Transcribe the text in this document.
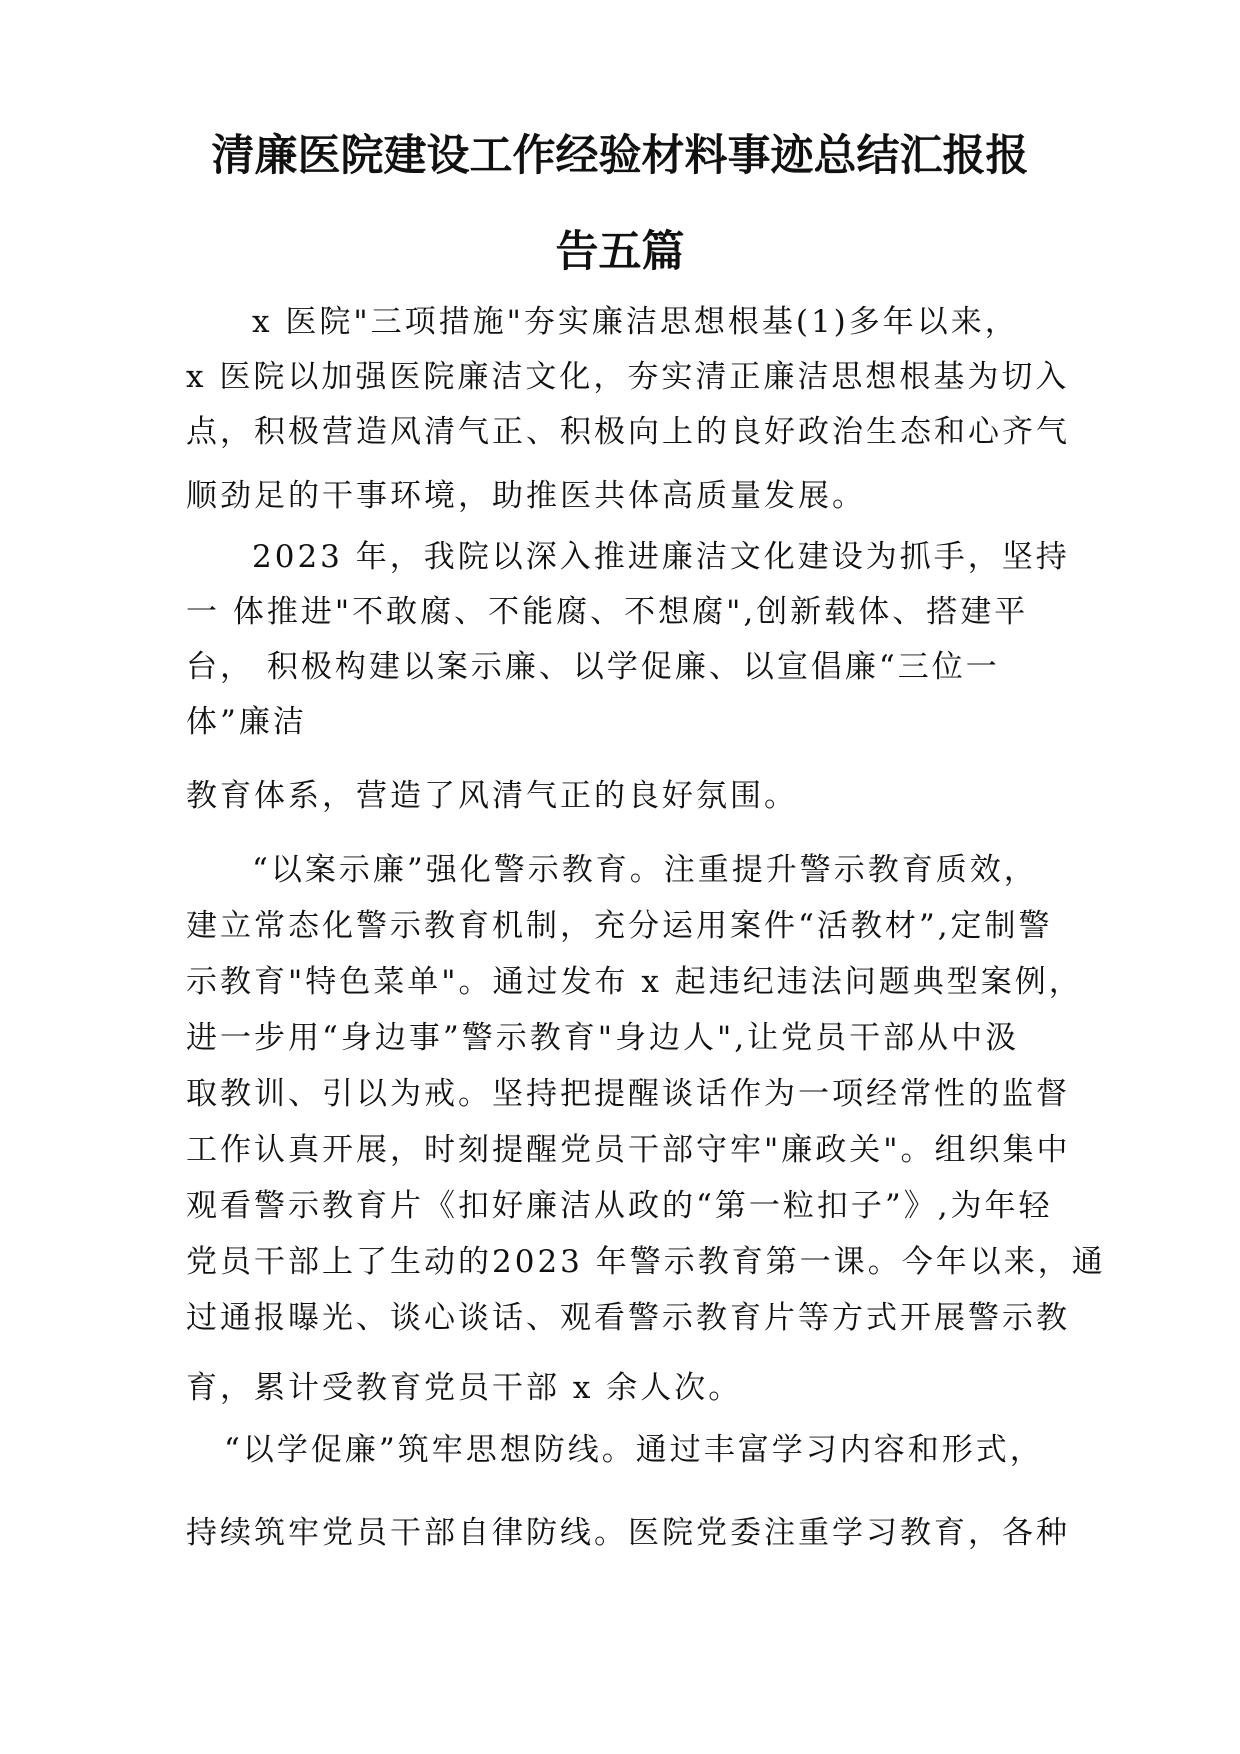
清廉医院建设工作经验材料事迹总结汇报报
告五篇

x 医院"三项措施"夯实廉洁思想根基(1)多年以来，

x 医院以加强医院廉洁文化，夯实清正廉洁思想根基为切入

点，积极营造风清气正、积极向上的良好政治生态和心齐气

顺劲足的干事环境，助推医共体高质量发展。

2023 年，我院以深入推进廉洁文化建设为抓手，坚持

一 体推进"不敢腐、不能腐、不想腐",创新载体、搭建平

台， 积极构建以案示廉、以学促廉、以宣倡廉“三位一

体”廉洁

教育体系，营造了风清气正的良好氛围。

“以案示廉”强化警示教育。注重提升警示教育质效，

建立常态化警示教育机制，充分运用案件“活教材”,定制警

示教育"特色菜单"。通过发布 x 起违纪违法问题典型案例，

进一步用“身边事”警示教育"身边人",让党员干部从中汲

取教训、引以为戒。坚持把提醒谈话作为一项经常性的监督

工作认真开展，时刻提醒党员干部守牢"廉政关"。组织集中

观看警示教育片《扣好廉洁从政的“第一粒扣子”》,为年轻

党员干部上了生动的2023 年警示教育第一课。今年以来，通

过通报曝光、谈心谈话、观看警示教育片等方式开展警示教

育，累计受教育党员干部 x 余人次。

“以学促廉”筑牢思想防线。通过丰富学习内容和形式，

持续筑牢党员干部自律防线。医院党委注重学习教育，各种
